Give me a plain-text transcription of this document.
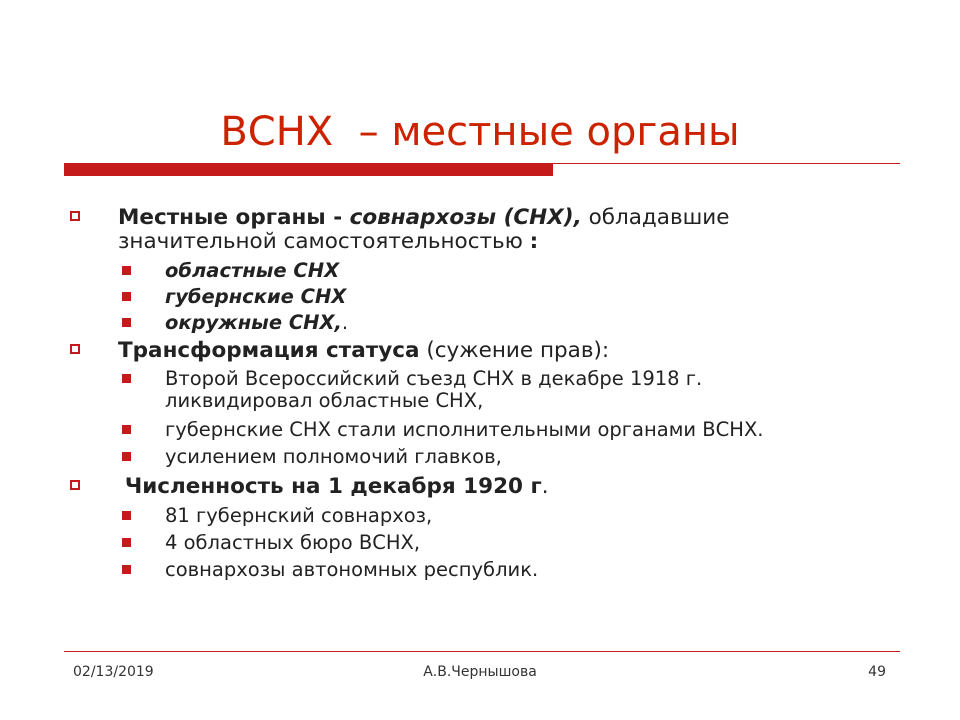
ВСНХ  – местные органы
Местные органы - совнархозы (СНХ), обладавшие
значительной самостоятельностью :
областные СНХ
губернские СНХ
окружные СНХ,.
Трансформация статуса (сужение прав):
Второй Всероссийский съезд СНХ в декабре 1918 г.
ликвидировал областные СНХ,
губернские СНХ стали исполнительными органами ВСНХ.
усилением полномочий главков,
Численность на 1 декабря 1920 г.
81 губернский совнархоз,
4 областных бюро ВСНХ,
совнархозы автономных республик.
02/13/2019	А.В.Чернышова	49
